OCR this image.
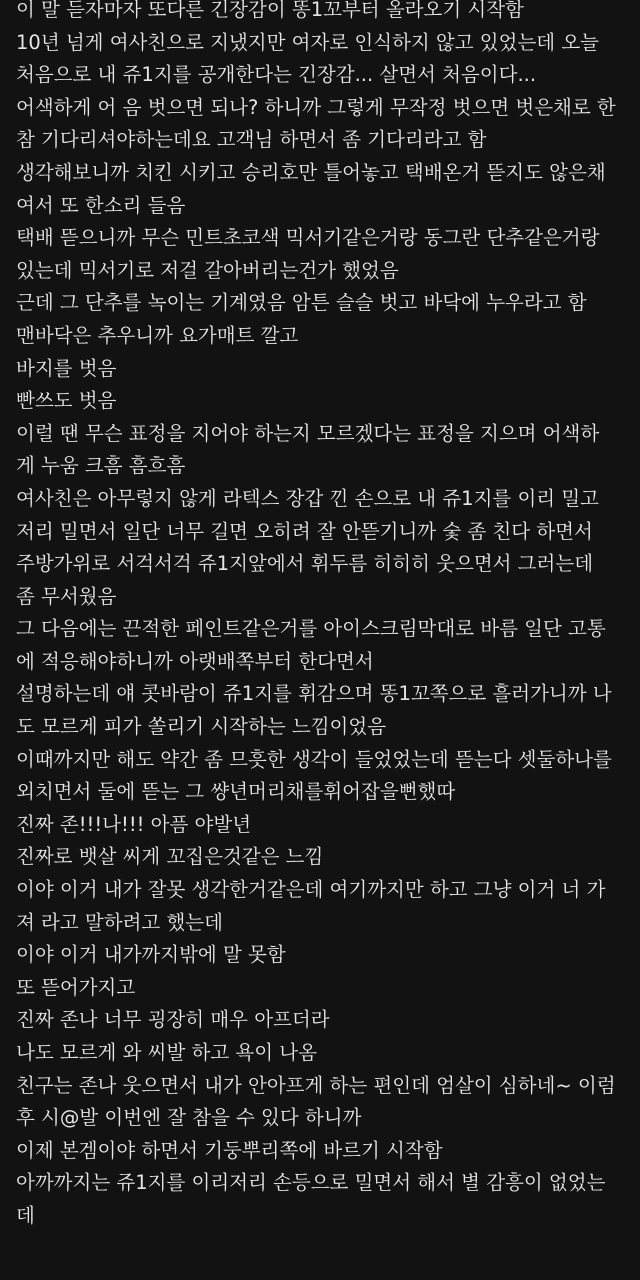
이 말 듣자마자 또다른 긴장감이 똥1꼬부터 올라오기 시작함
10년 넘게 여사친으로 지냈지만 여자로 인식하지 않고 있었는데 오늘
처음으로 내 쥬1지를 공개한다는 긴장감... 살면서 처음이다...
어색하게 어 음 벗으면 되나? 하니까 그렇게 무작정 벗으면 벗은채로 한
참 기다리셔야하는데요 고객님 하면서 좀 기다리라고 함
생각해보니까 치킨 시키고 승리호만 틀어놓고 택배온거 뜯지도 않은채
여서 또 한소리 들음
택배 뜯으니까 무슨 민트초코색 믹서기같은거랑 동그란 단추같은거랑
있는데 믹서기로 저걸 갈아버리는건가 했었음
근데 그 단추를 녹이는 기계였음 암튼 슬슬 벗고 바닥에 누우라고 함
맨바닥은 추우니까 요가매트 깔고
바지를 벗음
빤쓰도 벗음
이럴 땐 무슨 표정을 지어야 하는지 모르겠다는 표정을 지으며 어색하
게 누움 크흠 흠흐흠
여사친은 아무렇지 않게 라텍스 장갑 낀 손으로 내 쥬1지를 이리 밀고
저리 밀면서 일단 너무 길면 오히려 잘 안뜯기니까 숯 좀 친다 하면서
주방가위로 서걱서걱 쥬1지앞에서 휘두름 히히히 웃으면서 그러는데
좀 무서웠음
그 다음에는 끈적한 페인트같은거를 아이스크림막대로 바름 일단 고통
에 적응해야하니까 아랫배쪽부터 한다면서
설명하는데 얘 콧바람이 쥬1지를 휘감으며 똥1꼬쪽으로 흘러가니까 나
도 모르게 피가 쏠리기 시작하는 느낌이었음
이때까지만 해도 약간 좀 므흣한 생각이 들었었는데 뜯는다 셋둘하나를
외치면서 둘에 뜯는 그 썅년머리채를휘어잡을뻔했따
진짜 존!!!나!!! 아픔 야발년
진짜로 뱃살 씨게 꼬집은것같은 느낌
이야 이거 내가 잘못 생각한거같은데 여기까지만 하고 그냥 이거 너 가
져 라고 말하려고 했는데
이야 이거 내가까지밖에 말 못함
또 뜯어가지고
진짜 존나 너무 굉장히 매우 아프더라
나도 모르게 와 씨발 하고 욕이 나옴
친구는 존나 웃으면서 내가 안아프게 하는 편인데 엄살이 심하네~ 이럼
후 시@발 이번엔 잘 참을 수 있다 하니까
이제 본겜이야 하면서 기둥뿌리쪽에 바르기 시작함
아까까지는 쥬1지를 이리저리 손등으로 밀면서 해서 별 감흥이 없었는
데
